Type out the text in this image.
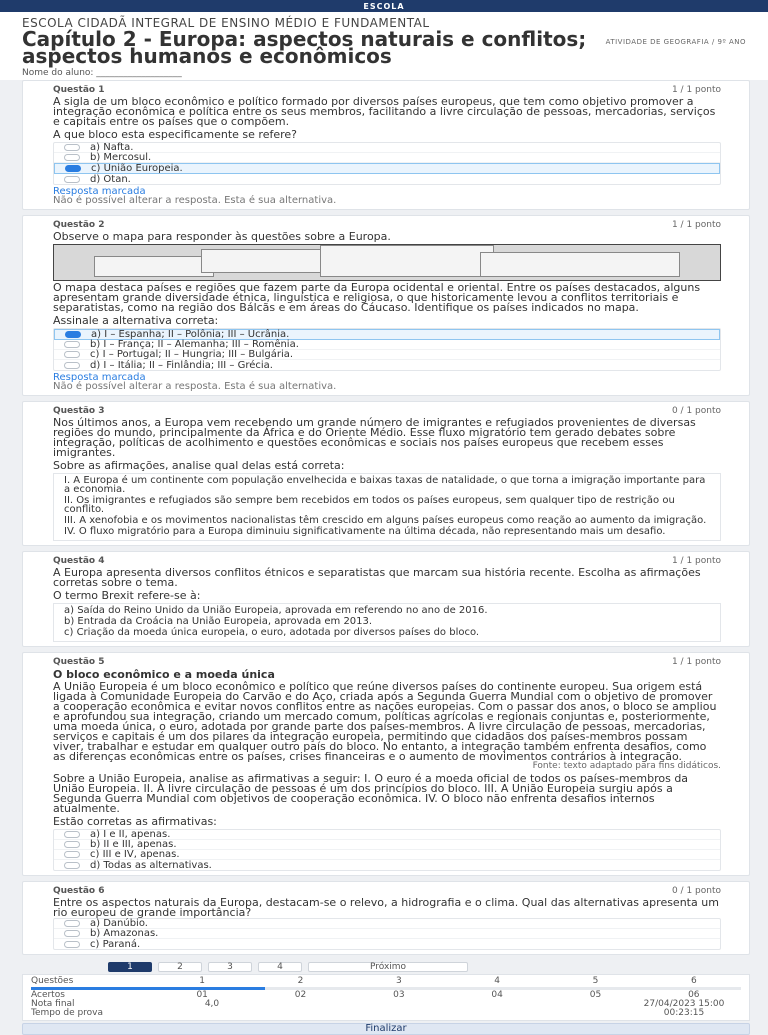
ESCOLA
ESCOLA CIDADÃ INTEGRAL DE ENSINO MÉDIO E FUNDAMENTAL
ATIVIDADE DE GEOGRAFIA / 9º ANO
Capítulo 2 - Europa: aspectos naturais e conflitos; aspectos humanos e econômicos
Nome do aluno: ___________________
Questão 1	1 / 1 ponto
A sigla de um bloco econômico e político formado por diversos países europeus, que tem como objetivo promover a integração econômica e política entre os seus membros, facilitando a livre circulação de pessoas, mercadorias, serviços e capitais entre os países que o compõem.
A que bloco esta especificamente se refere?
a) Nafta.
b) Mercosul.
c) União Europeia.
d) Otan.
Resposta marcada
Não é possível alterar a resposta. Esta é sua alternativa.
Questão 2	1 / 1 ponto
Observe o mapa para responder às questões sobre a Europa.
O mapa destaca países e regiões que fazem parte da Europa ocidental e oriental. Entre os países destacados, alguns apresentam grande diversidade étnica, linguística e religiosa, o que historicamente levou a conflitos territoriais e separatistas, como na região dos Bálcãs e em áreas do Cáucaso. Identifique os países indicados no mapa.
Assinale a alternativa correta:
a) I – Espanha; II – Polônia; III – Ucrânia.
b) I – França; II – Alemanha; III – Romênia.
c) I – Portugal; II – Hungria; III – Bulgária.
d) I – Itália; II – Finlândia; III – Grécia.
Resposta marcada
Não é possível alterar a resposta. Esta é sua alternativa.
Questão 3	0 / 1 ponto
Nos últimos anos, a Europa vem recebendo um grande número de imigrantes e refugiados provenientes de diversas regiões do mundo, principalmente da África e do Oriente Médio. Esse fluxo migratório tem gerado debates sobre integração, políticas de acolhimento e questões econômicas e sociais nos países europeus que recebem esses imigrantes.
Sobre as afirmações, analise qual delas está correta:

I. A Europa é um continente com população envelhecida e baixas taxas de natalidade, o que torna a imigração importante para a economia.

II. Os imigrantes e refugiados são sempre bem recebidos em todos os países europeus, sem qualquer tipo de restrição ou conflito.

III. A xenofobia e os movimentos nacionalistas têm crescido em alguns países europeus como reação ao aumento da imigração.

IV. O fluxo migratório para a Europa diminuiu significativamente na última década, não representando mais um desafio.

Questão 4	1 / 1 ponto
A Europa apresenta diversos conflitos étnicos e separatistas que marcam sua história recente. Escolha as afirmações corretas sobre o tema.
O termo Brexit refere-se à:

a) Saída do Reino Unido da União Europeia, aprovada em referendo no ano de 2016.

b) Entrada da Croácia na União Europeia, aprovada em 2013.

c) Criação da moeda única europeia, o euro, adotada por diversos países do bloco.

Questão 5	1 / 1 ponto
O bloco econômico e a moeda única
A União Europeia é um bloco econômico e político que reúne diversos países do continente europeu. Sua origem está ligada à Comunidade Europeia do Carvão e do Aço, criada após a Segunda Guerra Mundial com o objetivo de promover a cooperação econômica e evitar novos conflitos entre as nações europeias. Com o passar dos anos, o bloco se ampliou e aprofundou sua integração, criando um mercado comum, políticas agrícolas e regionais conjuntas e, posteriormente, uma moeda única, o euro, adotada por grande parte dos países-membros. A livre circulação de pessoas, mercadorias, serviços e capitais é um dos pilares da integração europeia, permitindo que cidadãos dos países-membros possam viver, trabalhar e estudar em qualquer outro país do bloco. No entanto, a integração também enfrenta desafios, como as diferenças econômicas entre os países, crises financeiras e o aumento de movimentos contrários à integração.
Fonte: texto adaptado para fins didáticos.
Sobre a União Europeia, analise as afirmativas a seguir: I. O euro é a moeda oficial de todos os países-membros da União Europeia. II. A livre circulação de pessoas é um dos princípios do bloco. III. A União Europeia surgiu após a Segunda Guerra Mundial com objetivos de cooperação econômica. IV. O bloco não enfrenta desafios internos atualmente.
Estão corretas as afirmativas:
a) I e II, apenas.
b) II e III, apenas.
c) III e IV, apenas.
d) Todas as alternativas.
Questão 6	0 / 1 ponto
Entre os aspectos naturais da Europa, destacam-se o relevo, a hidrografia e o clima. Qual das alternativas apresenta um rio europeu de grande importância?
a) Danúbio.
b) Amazonas.
c) Paraná.
1	2	3	4	Próximo
Questões	1	2	3	4	5	6
Acertos	01	02	03	04	05	06
Nota final	4,0	27/04/2023 15:00
Tempo de prova	00:23:15
Finalizar
